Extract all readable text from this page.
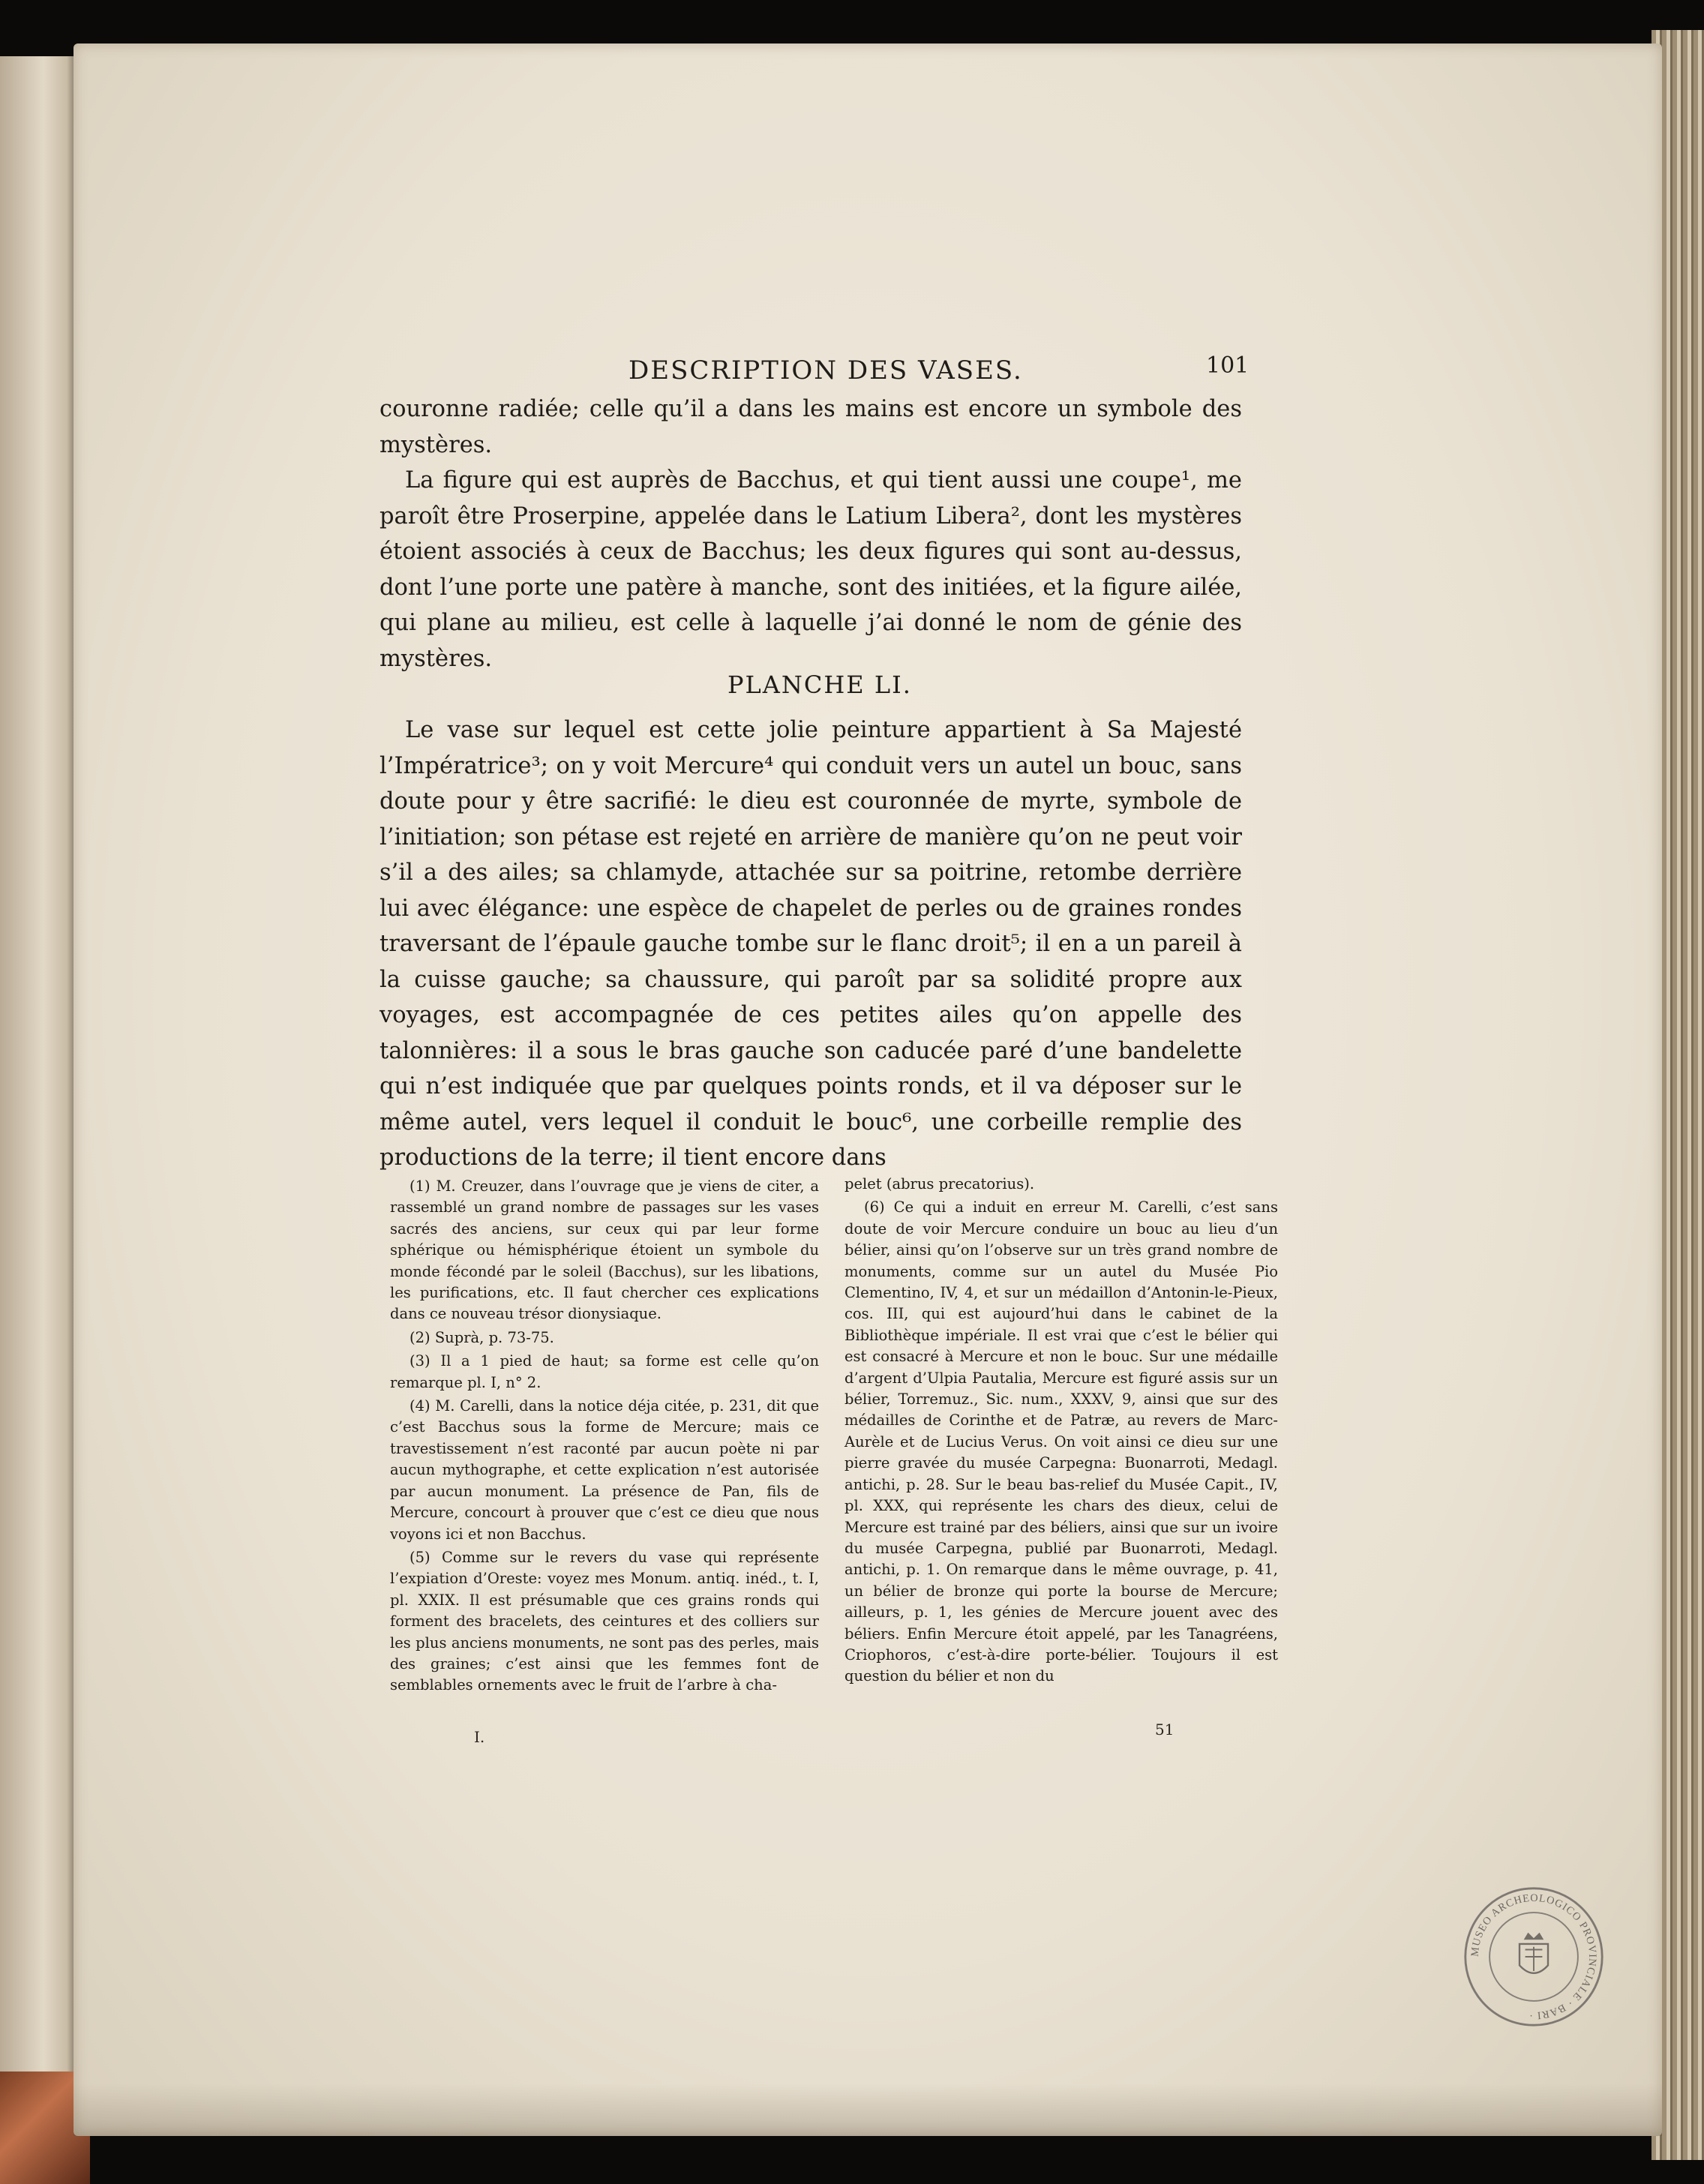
DESCRIPTION DES VASES.	101

couronne radiée; celle qu’il a dans les mains est encore un symbole des mystères.

La figure qui est auprès de Bacchus, et qui tient aussi une coupe¹, me paroît être Proserpine, appelée dans le Latium Libera², dont les mystères étoient associés à ceux de Bacchus; les deux figures qui sont au-dessus, dont l’une porte une patère à manche, sont des initiées, et la figure ailée, qui plane au milieu, est celle à laquelle j’ai donné le nom de génie des mystères.

PLANCHE LI.

Le vase sur lequel est cette jolie peinture appartient à Sa Majesté l’Impératrice³; on y voit Mercure⁴ qui conduit vers un autel un bouc, sans doute pour y être sacrifié: le dieu est couronnée de myrte, symbole de l’initiation; son pétase est rejeté en arrière de manière qu’on ne peut voir s’il a des ailes; sa chlamyde, attachée sur sa poitrine, retombe derrière lui avec élégance: une espèce de chapelet de perles ou de graines rondes traversant de l’épaule gauche tombe sur le flanc droit⁵; il en a un pareil à la cuisse gauche; sa chaussure, qui paroît par sa solidité propre aux voyages, est accompagnée de ces petites ailes qu’on appelle des talonnières: il a sous le bras gauche son caducée paré d’une bandelette qui n’est indiquée que par quelques points ronds, et il va déposer sur le même autel, vers lequel il conduit le bouc⁶, une corbeille remplie des productions de la terre; il tient encore dans

(1) M. Creuzer, dans l’ouvrage que je viens de citer, a rassemblé un grand nombre de passages sur les vases sacrés des anciens, sur ceux qui par leur forme sphérique ou hémisphérique étoient un symbole du monde fécondé par le soleil (Bacchus), sur les libations, les purifications, etc. Il faut chercher ces explications dans ce nouveau trésor dionysiaque.

(2) Suprà, p. 73-75.

(3) Il a 1 pied de haut; sa forme est celle qu’on remarque pl. I, n° 2.

(4) M. Carelli, dans la notice déja citée, p. 231, dit que c’est Bacchus sous la forme de Mercure; mais ce travestissement n’est raconté par aucun poète ni par aucun mythographe, et cette explication n’est autorisée par aucun monument. La présence de Pan, fils de Mercure, concourt à prouver que c’est ce dieu que nous voyons ici et non Bacchus.

(5) Comme sur le revers du vase qui représente l’expiation d’Oreste: voyez mes Monum. antiq. inéd., t. I, pl. XXIX. Il est présumable que ces grains ronds qui forment des bracelets, des ceintures et des colliers sur les plus anciens monuments, ne sont pas des perles, mais des graines; c’est ainsi que les femmes font de semblables ornements avec le fruit de l’arbre à cha-

pelet (abrus precatorius).

(6) Ce qui a induit en erreur M. Carelli, c’est sans doute de voir Mercure conduire un bouc au lieu d’un bélier, ainsi qu’on l’observe sur un très grand nombre de monuments, comme sur un autel du Musée Pio Clementino, IV, 4, et sur un médaillon d’Antonin-le-Pieux, cos. III, qui est aujourd’hui dans le cabinet de la Bibliothèque impériale. Il est vrai que c’est le bélier qui est consacré à Mercure et non le bouc. Sur une médaille d’argent d’Ulpia Pautalia, Mercure est figuré assis sur un bélier, Torremuz., Sic. num., XXXV, 9, ainsi que sur des médailles de Corinthe et de Patræ, au revers de Marc-Aurèle et de Lucius Verus. On voit ainsi ce dieu sur une pierre gravée du musée Carpegna: Buonarroti, Medagl. antichi, p. 28. Sur le beau bas-relief du Musée Capit., IV, pl. XXX, qui représente les chars des dieux, celui de Mercure est trainé par des béliers, ainsi que sur un ivoire du musée Carpegna, publié par Buonarroti, Medagl. antichi, p. 1. On remarque dans le même ouvrage, p. 41, un bélier de bronze qui porte la bourse de Mercure; ailleurs, p. 1, les génies de Mercure jouent avec des béliers. Enfin Mercure étoit appelé, par les Tanagréens, Criophoros, c’est-à-dire porte-bélier. Toujours il est question du bélier et non du

I.	51
MUSEO ARCHEOLOGICO PROVINCIALE · BARI ·
